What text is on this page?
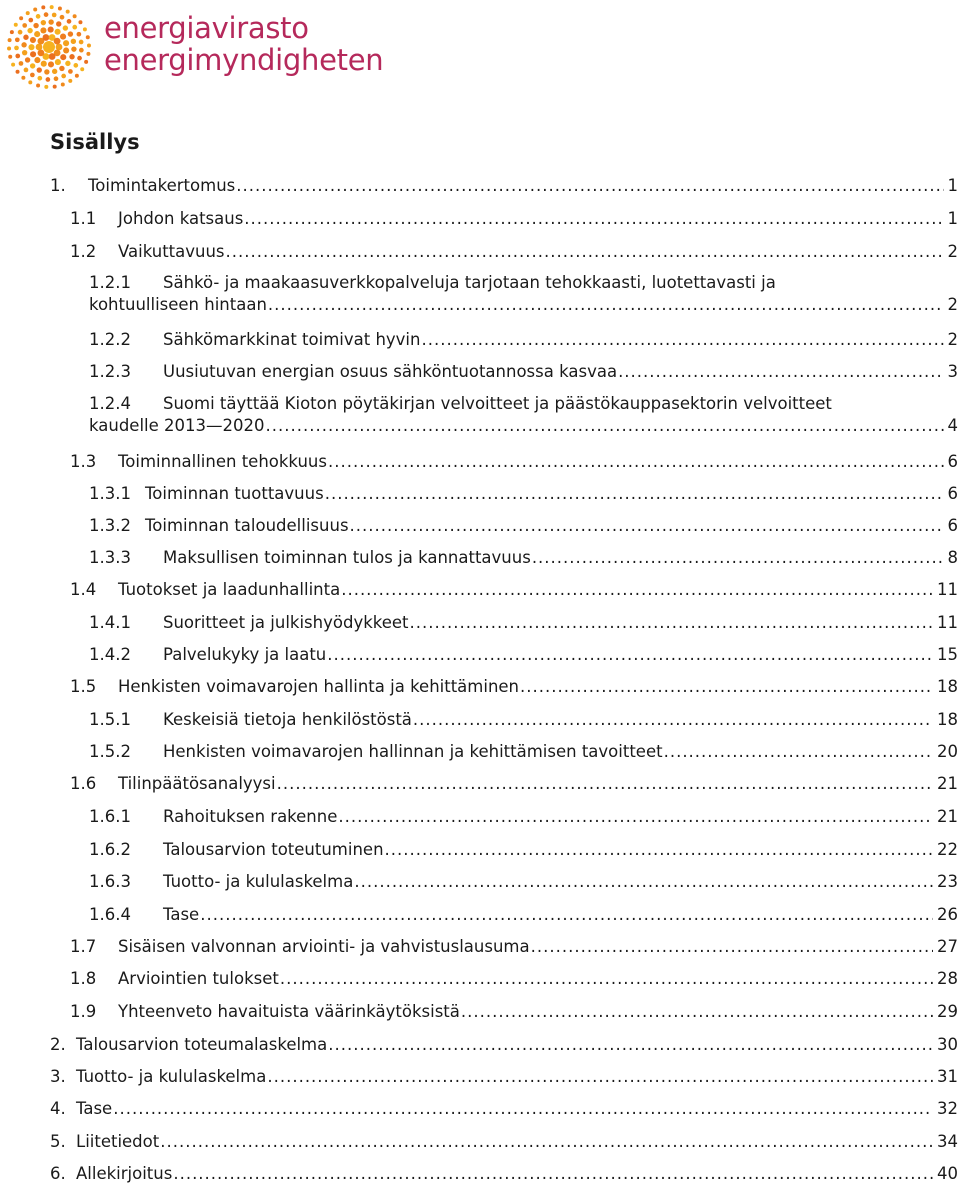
energiavirasto
energimyndigheten
Sisällys
1.	Toimintakertomus .....	1
1.1	Johdon katsaus .....	1
1.2	Vaikuttavuus .....	2
1.2.1 Sähkö- ja maakaasuverkkopalveluja tarjotaan tehokkaasti, luotettavasti ja
kohtuulliseen hintaan .....	2
1.2.2	Sähkömarkkinat toimivat hyvin .....	2
1.2.3	Uusiutuvan energian osuus sähköntuotannossa kasvaa .....	3
1.2.4 Suomi täyttää Kioton pöytäkirjan velvoitteet ja päästökauppasektorin velvoitteet
kaudelle 2013—2020 .....	4
1.3	Toiminnallinen tehokkuus .....	6
1.3.1 Toiminnan tuottavuus .....	6
1.3.2 Toiminnan taloudellisuus .....	6
1.3.3	Maksullisen toiminnan tulos ja kannattavuus .....	8
1.4	Tuotokset ja laadunhallinta .....	11
1.4.1	Suoritteet ja julkishyödykkeet .....	11
1.4.2	Palvelukyky ja laatu .....	15
1.5	Henkisten voimavarojen hallinta ja kehittäminen .....	18
1.5.1	Keskeisiä tietoja henkilöstöstä .....	18
1.5.2	Henkisten voimavarojen hallinnan ja kehittämisen tavoitteet .....	20
1.6	Tilinpäätösanalyysi .....	21
1.6.1	Rahoituksen rakenne .....	21
1.6.2	Talousarvion toteutuminen .....	22
1.6.3	Tuotto- ja kululaskelma .....	23
1.6.4	Tase .....	26
1.7	Sisäisen valvonnan arviointi- ja vahvistuslausuma .....	27
1.8	Arviointien tulokset .....	28
1.9	Yhteenveto havaituista väärinkäytöksistä .....	29
2. Talousarvion toteumalaskelma .....	30
3. Tuotto- ja kululaskelma .....	31
4. Tase .....	32
5. Liitetiedot .....	34
6. Allekirjoitus .....	40
